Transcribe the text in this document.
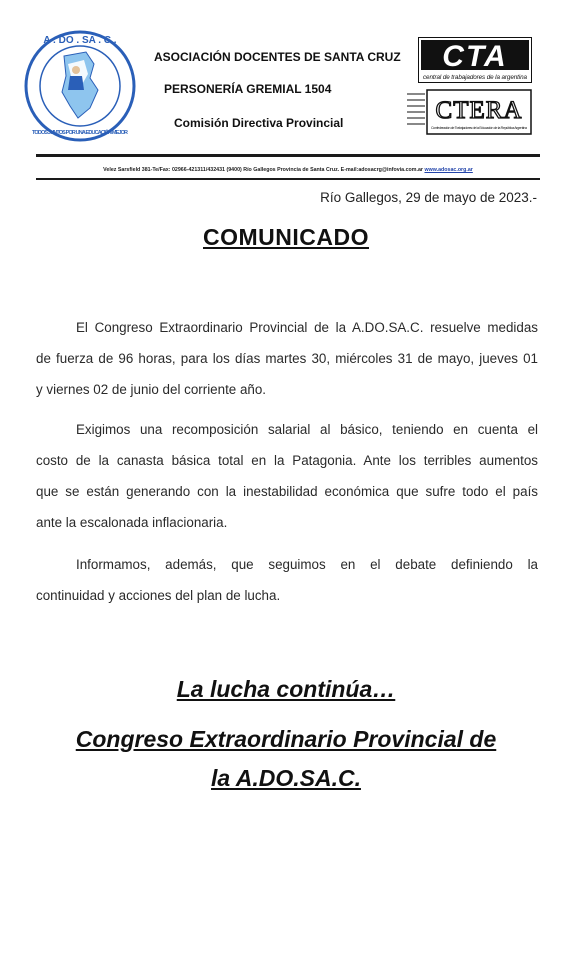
A . DO . SA . C .
TODOS JUNTOS POR UNA EDUCACIÓN MEJOR
ASOCIACIÓN DOCENTES DE SANTA CRUZ
PERSONERÍA GREMIAL 1504
Comisión Directiva Provincial
CTA
central de trabajadores de la argentina
CTERA
Confederación de Trabajadores de la Educación de la República Argentina
Velez Sarsfield 381-Te/Fax: 02966-421311/432431 (9400) Río Gallegos Provincia de Santa Cruz. E-mail:adosacrg@infovia.com.ar www.adosac.org.ar
Río Gallegos, 29 de mayo de 2023.-
COMUNICADO
El Congreso Extraordinario Provincial de la A.DO.SA.C. resuelve medidas
de fuerza de 96 horas, para los días martes 30, miércoles 31 de mayo, jueves 01
y viernes 02 de junio del corriente año.
Exigimos una recomposición salarial al básico, teniendo en cuenta el
costo de la canasta básica total en la Patagonia. Ante los terribles aumentos
que se están generando con la inestabilidad económica que sufre todo el país
ante la escalonada inflacionaria.
Informamos, además, que seguimos en el debate definiendo la
continuidad y acciones del plan de lucha.
La lucha continúa…
Congreso Extraordinario Provincial de
la A.DO.SA.C.
